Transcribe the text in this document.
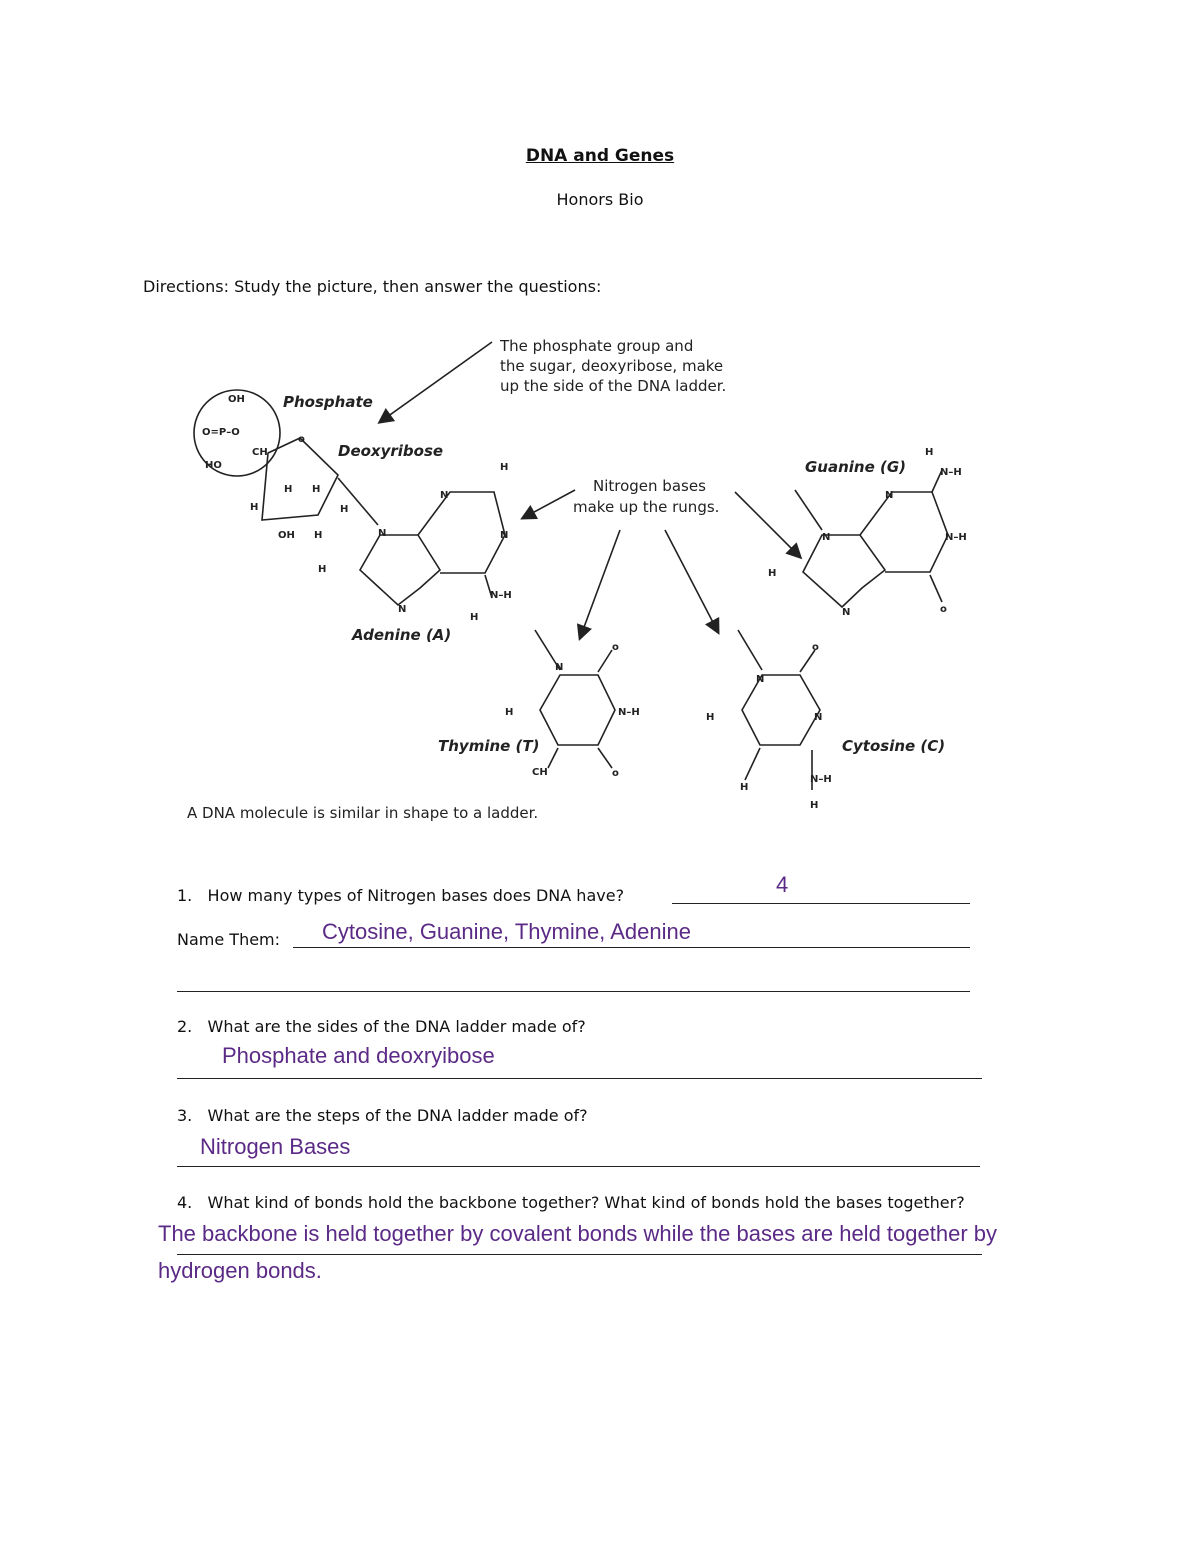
DNA and Genes
Honors Bio
Directions: Study the picture, then answer the questions:
OH
O=P–O
HO
CH
H H
OH H
H	H
o
N
N
H
N
H
N
N–H
H
N
N
H
N–H
N–H
H
N	o
N
o
N–H
H
CH	o
N
o
N
H
H
N–H
H
Phosphate
Deoxyribose
Adenine (A)
Guanine (G)
Thymine (T)	Cytosine (C)
The phosphate group and
the sugar, deoxyribose, make
up the side of the DNA ladder.
Nitrogen bases
make up the rungs.
A DNA molecule is similar in shape to a ladder.
1. How many types of Nitrogen bases does DNA have?	4
Name Them: Cytosine, Guanine, Thymine, Adenine
2. What are the sides of the DNA ladder made of?
Phosphate and deoxryibose
3. What are the steps of the DNA ladder made of?
Nitrogen Bases
4. What kind of bonds hold the backbone together? What kind of bonds hold the bases together?
The backbone is held together by covalent bonds while the bases are held together by
hydrogen bonds.
